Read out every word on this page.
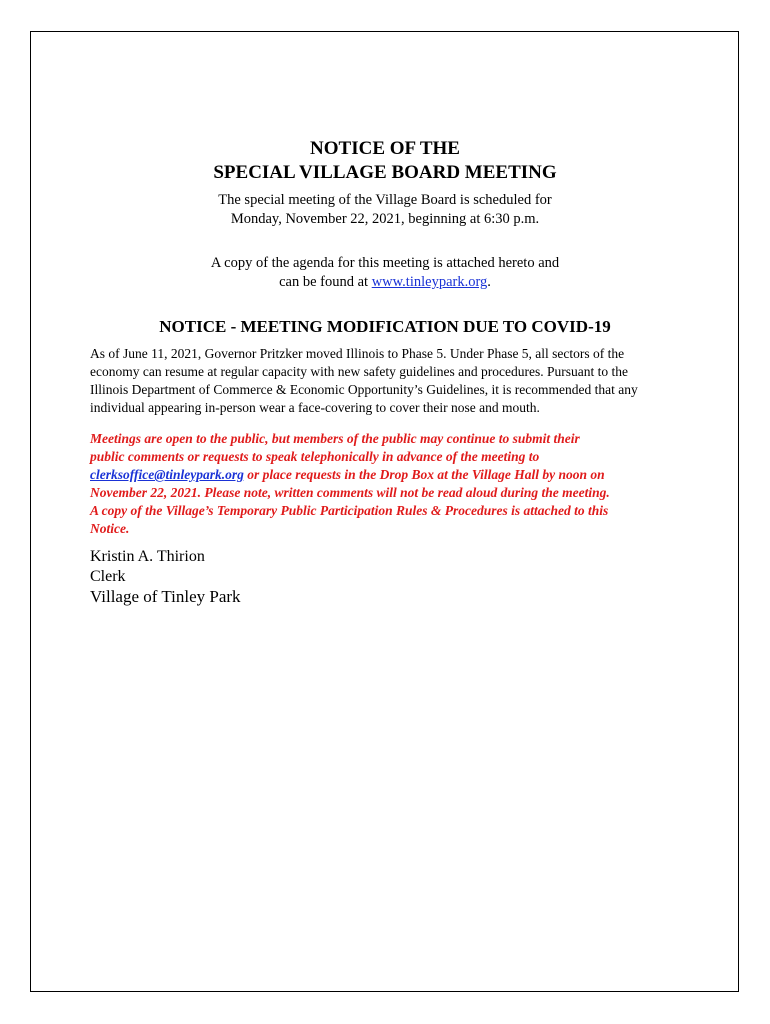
NOTICE OF THE
SPECIAL VILLAGE BOARD MEETING
The special meeting of the Village Board is scheduled for
Monday, November 22, 2021, beginning at 6:30 p.m.
A copy of the agenda for this meeting is attached hereto and
can be found at www.tinleypark.org.
NOTICE - MEETING MODIFICATION DUE TO COVID-19
As of June 11, 2021, Governor Pritzker moved Illinois to Phase 5. Under Phase 5, all sectors of the
economy can resume at regular capacity with new safety guidelines and procedures. Pursuant to the
Illinois Department of Commerce & Economic Opportunity’s Guidelines, it is recommended that any
individual appearing in-person wear a face-covering to cover their nose and mouth.
Meetings are open to the public, but members of the public may continue to submit their
public comments or requests to speak telephonically in advance of the meeting to
clerksoffice@tinleypark.org or place requests in the Drop Box at the Village Hall by noon on
November 22, 2021. Please note, written comments will not be read aloud during the meeting.
A copy of the Village’s Temporary Public Participation Rules & Procedures is attached to this
Notice.
Kristin A. Thirion
Clerk
Village of Tinley Park
